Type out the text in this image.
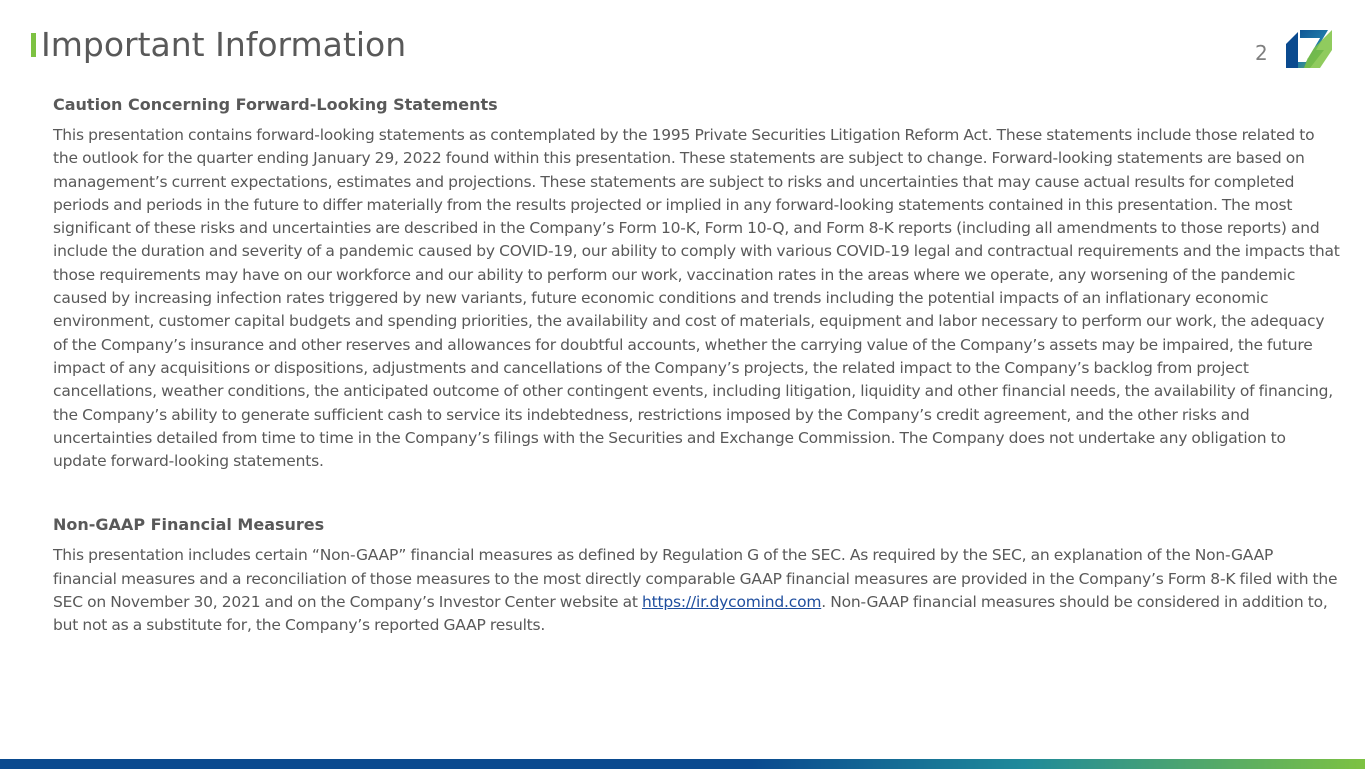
Important Information	2
Caution Concerning Forward-Looking Statements

This presentation contains forward-looking statements as contemplated by the 1995 Private Securities Litigation Reform Act. These statements include those related to the outlook for the quarter ending January 29, 2022 found within this presentation. These statements are subject to change. Forward-looking statements are based on management’s current expectations, estimates and projections. These statements are subject to risks and uncertainties that may cause actual results for completed periods and periods in the future to differ materially from the results projected or implied in any forward-looking statements contained in this presentation. The most significant of these risks and uncertainties are described in the Company’s Form 10-K, Form 10-Q, and Form 8-K reports (including all amendments to those reports) and include the duration and severity of a pandemic caused by COVID-19, our ability to comply with various COVID-19 legal and contractual requirements and the impacts that those requirements may have on our workforce and our ability to perform our work, vaccination rates in the areas where we operate, any worsening of the pandemic caused by increasing infection rates triggered by new variants, future economic conditions and trends including the potential impacts of an inflationary economic environment, customer capital budgets and spending priorities, the availability and cost of materials, equipment and labor necessary to perform our work, the adequacy of the Company’s insurance and other reserves and allowances for doubtful accounts, whether the carrying value of the Company’s assets may be impaired, the future impact of any acquisitions or dispositions, adjustments and cancellations of the Company’s projects, the related impact to the Company’s backlog from project cancellations, weather conditions, the anticipated outcome of other contingent events, including litigation, liquidity and other financial needs, the availability of financing, the Company’s ability to generate sufficient cash to service its indebtedness, restrictions imposed by the Company’s credit agreement, and the other risks and uncertainties detailed from time to time in the Company’s filings with the Securities and Exchange Commission. The Company does not undertake any obligation to update forward-looking statements.

Non-GAAP Financial Measures

This presentation includes certain “Non-GAAP” financial measures as defined by Regulation G of the SEC. As required by the SEC, an explanation of the Non-GAAP financial measures and a reconciliation of those measures to the most directly comparable GAAP financial measures are provided in the Company’s Form 8-K filed with the SEC on November 30, 2021 and on the Company’s Investor Center website at https://ir.dycomind.com. Non-GAAP financial measures should be considered in addition to, but not as a substitute for, the Company’s reported GAAP results.
